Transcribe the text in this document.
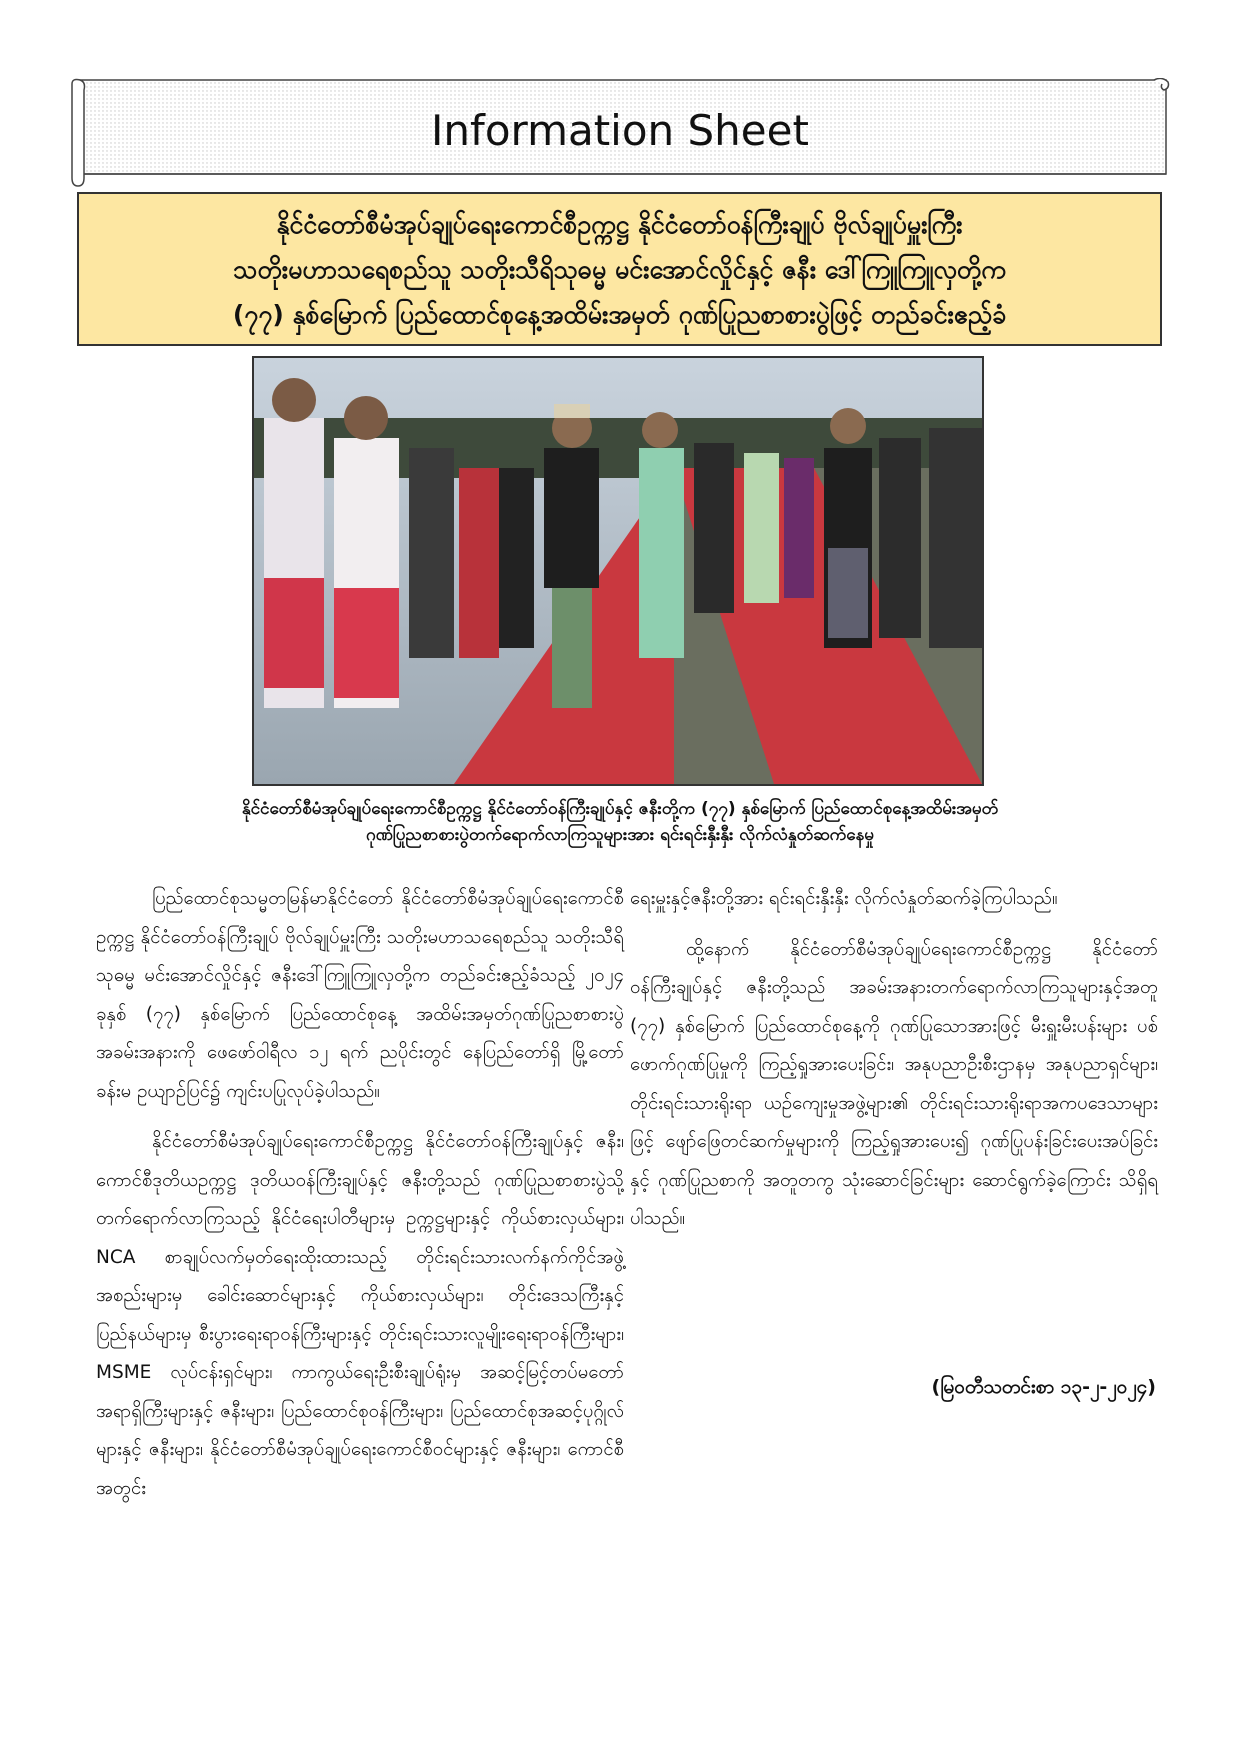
Information Sheet
နိုင်ငံတော်စီမံအုပ်ချုပ်ရေးကောင်စီဥက္ကဋ္ဌ နိုင်ငံတော်ဝန်ကြီးချုပ် ဗိုလ်ချုပ်မှူးကြီး
သတိုးမဟာသရေစည်သူ သတိုးသီရိသုဓမ္မ မင်းအောင်လှိုင်နှင့် ဇနီး ဒေါ်ကြူကြူလှတို့က
(၇၇) နှစ်မြောက် ပြည်ထောင်စုနေ့အထိမ်းအမှတ် ဂုဏ်ပြုညစာစားပွဲဖြင့် တည်ခင်းဧည့်ခံ
နိုင်ငံတော်စီမံအုပ်ချုပ်ရေးကောင်စီဥက္ကဋ္ဌ နိုင်ငံတော်ဝန်ကြီးချုပ်နှင့် ဇနီးတို့က (၇၇) နှစ်မြောက် ပြည်ထောင်စုနေ့အထိမ်းအမှတ်
ဂုဏ်ပြုညစာစားပွဲတက်ရောက်လာကြသူများအား ရင်းရင်းနှီးနှီး လိုက်လံနှုတ်ဆက်နေမှု

ပြည်ထောင်စုသမ္မတမြန်မာနိုင်ငံတော် နိုင်ငံတော်စီမံအုပ်ချုပ်ရေးကောင်စီဥက္ကဋ္ဌ နိုင်ငံတော်ဝန်ကြီးချုပ် ဗိုလ်ချုပ်မှူးကြီး သတိုးမဟာသရေစည်သူ သတိုးသီရိသုဓမ္မ မင်းအောင်လှိုင်နှင့် ဇနီးဒေါ်ကြူကြူလှတို့က တည်ခင်းဧည့်ခံသည့် ၂၀၂၄ ခုနှစ် (၇၇) နှစ်မြောက် ပြည်ထောင်စုနေ့ အထိမ်းအမှတ်ဂုဏ်ပြုညစာစားပွဲ အခမ်းအနားကို ဖေဖော်ဝါရီလ ၁၂ ရက် ညပိုင်းတွင် နေပြည်တော်ရှိ မြို့တော်ခန်းမ ဥယျာဉ်ပြင်၌ ကျင်းပပြုလုပ်ခဲ့ပါသည်။

နိုင်ငံတော်စီမံအုပ်ချုပ်ရေးကောင်စီဥက္ကဋ္ဌ နိုင်ငံတော်ဝန်ကြီးချုပ်နှင့် ဇနီး၊ ကောင်စီဒုတိယဥက္ကဋ္ဌ ဒုတိယဝန်ကြီးချုပ်နှင့် ဇနီးတို့သည် ဂုဏ်ပြုညစာစားပွဲသို့ တက်ရောက်လာကြသည့် နိုင်ငံရေးပါတီများမှ ဥက္ကဋ္ဌများနှင့် ကိုယ်စားလှယ်များ၊ NCA စာချုပ်လက်မှတ်ရေးထိုးထားသည့် တိုင်းရင်းသားလက်နက်ကိုင်အဖွဲ့အစည်းများမှ ခေါင်းဆောင်များနှင့် ကိုယ်စားလှယ်များ၊ တိုင်းဒေသကြီးနှင့် ပြည်နယ်များမှ စီးပွားရေးရာဝန်ကြီးများနှင့် တိုင်းရင်းသားလူမျိုးရေးရာဝန်ကြီးများ၊ MSME လုပ်ငန်းရှင်များ၊ ကာကွယ်ရေးဦးစီးချုပ်ရုံးမှ အဆင့်မြင့်တပ်မတော်အရာရှိကြီးများနှင့် ဇနီးများ၊ ပြည်ထောင်စုဝန်ကြီးများ၊ ပြည်ထောင်စုအဆင့်ပုဂ္ဂိုလ်များနှင့် ဇနီးများ၊ နိုင်ငံတော်စီမံအုပ်ချုပ်ရေးကောင်စီဝင်များနှင့် ဇနီးများ၊ ကောင်စီအတွင်း

ရေးမှူးနှင့်ဇနီးတို့အား ရင်းရင်းနှီးနှီး လိုက်လံနှုတ်ဆက်ခဲ့ကြပါသည်။

ထို့နောက် နိုင်ငံတော်စီမံအုပ်ချုပ်ရေးကောင်စီဥက္ကဋ္ဌ နိုင်ငံတော်ဝန်ကြီးချုပ်နှင့် ဇနီးတို့သည် အခမ်းအနားတက်ရောက်လာကြသူများနှင့်အတူ (၇၇) နှစ်မြောက် ပြည်ထောင်စုနေ့ကို ဂုဏ်ပြုသောအားဖြင့် မီးရှူးမီးပန်းများ ပစ်ဖောက်ဂုဏ်ပြုမှုကို ကြည့်ရှုအားပေးခြင်း၊ အနုပညာဦးစီးဌာနမှ အနုပညာရှင်များ၊ တိုင်းရင်းသားရိုးရာ ယဉ်ကျေးမှုအဖွဲ့များ၏ တိုင်းရင်းသားရိုးရာအကပဒေသာများဖြင့် ဖျော်ဖြေတင်ဆက်မှုများကို ကြည့်ရှုအားပေး၍ ဂုဏ်ပြုပန်းခြင်းပေးအပ်ခြင်းနှင့် ဂုဏ်ပြုညစာကို အတူတကွ သုံးဆောင်ခြင်းများ ဆောင်ရွက်ခဲ့ကြောင်း သိရှိရပါသည်။

(မြဝတီသတင်းစာ ၁၃-၂-၂၀၂၄)
